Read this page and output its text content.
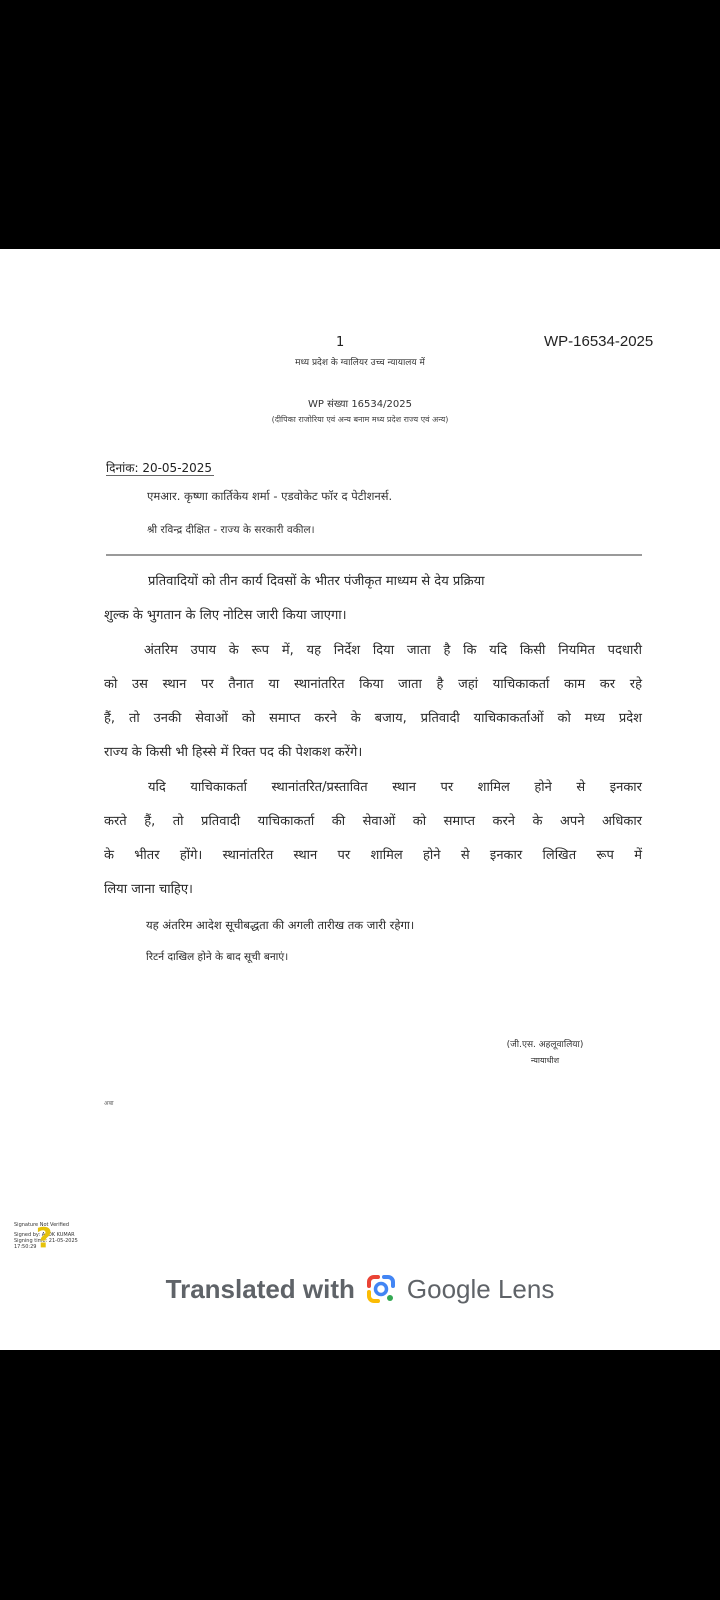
1	WP-16534-2025

मध्य प्रदेश के ग्वालियर उच्च न्यायालय में

WP संख्या 16534/2025

(दीपिका राजोरिया एवं अन्य बनाम मध्य प्रदेश राज्य एवं अन्य)

दिनांक: 20-05-2025

एमआर. कृष्णा कार्तिकेय शर्मा - एडवोकेट फॉर द पेटीशनर्स.

श्री रविन्द्र दीक्षित - राज्य के सरकारी वकील।

प्रतिवादियों को तीन कार्य दिवसों के भीतर पंजीकृत माध्यम से देय प्रक्रिया

शुल्क के भुगतान के लिए नोटिस जारी किया जाएगा।

अंतरिम उपाय के रूप में, यह निर्देश दिया जाता है कि यदि किसी नियमित पदधारी

को उस स्थान पर तैनात या स्थानांतरित किया जाता है जहां याचिकाकर्ता काम कर रहे

हैं, तो उनकी सेवाओं को समाप्त करने के बजाय, प्रतिवादी याचिकाकर्ताओं को मध्य प्रदेश

राज्य के किसी भी हिस्से में रिक्त पद की पेशकश करेंगे।

यदि याचिकाकर्ता स्थानांतरित/प्रस्तावित स्थान पर शामिल होने से इनकार

करते हैं, तो प्रतिवादी याचिकाकर्ता की सेवाओं को समाप्त करने के अपने अधिकार

के भीतर होंगे। स्थानांतरित स्थान पर शामिल होने से इनकार लिखित रूप में

लिया जाना चाहिए।

यह अंतरिम आदेश सूचीबद्धता की अगली तारीख तक जारी रहेगा।

रिटर्न दाखिल होने के बाद सूची बनाएं।

(जी.एस. अहलूवालिया)

न्यायाधीश

अबा

Signature Not Verified
Signed by: ALOK KUMAR
Signing time: 21-05-2025
17:50:29 ?
Translated with Google Lens
